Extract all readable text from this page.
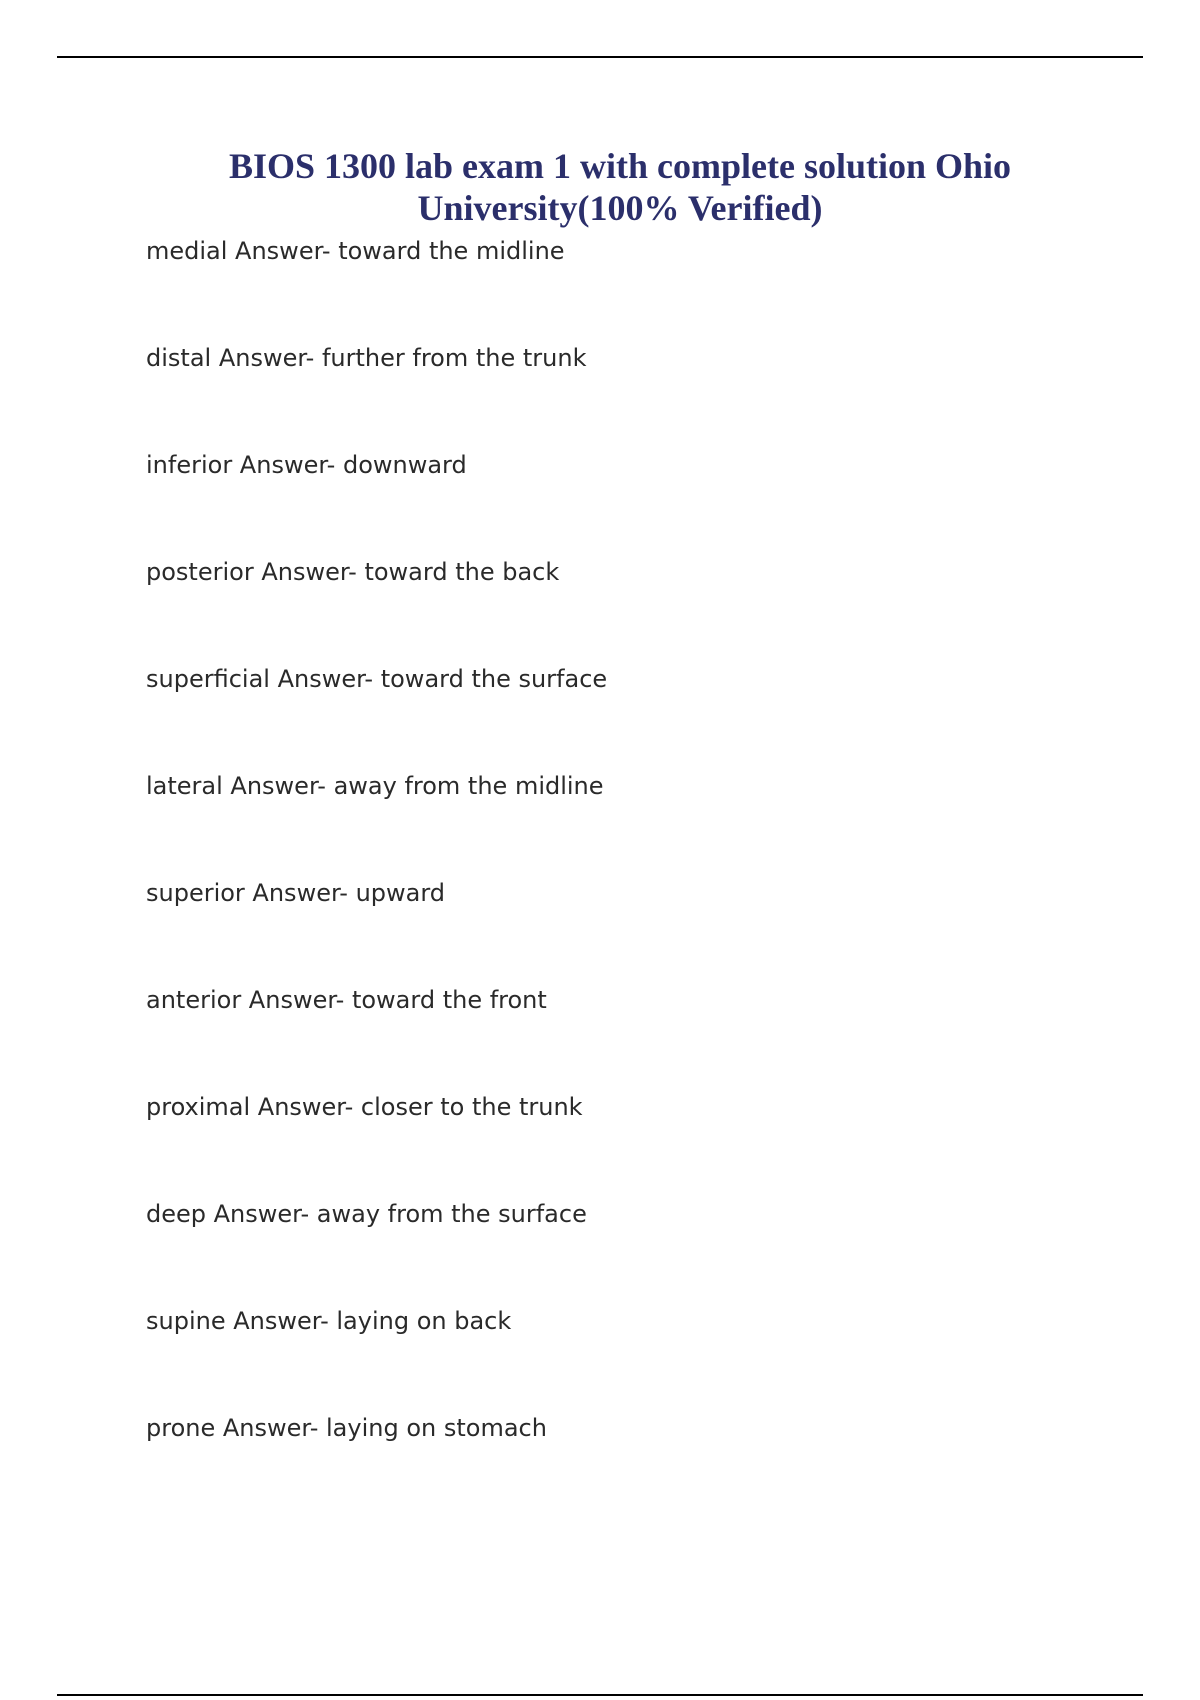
BIOS 1300 lab exam 1 with complete solution Ohio
University(100% Verified)
medial Answer- toward the midline
distal Answer- further from the trunk
inferior Answer- downward
posterior Answer- toward the back
superficial Answer- toward the surface
lateral Answer- away from the midline
superior Answer- upward
anterior Answer- toward the front
proximal Answer- closer to the trunk
deep Answer- away from the surface
supine Answer- laying on back
prone Answer- laying on stomach
